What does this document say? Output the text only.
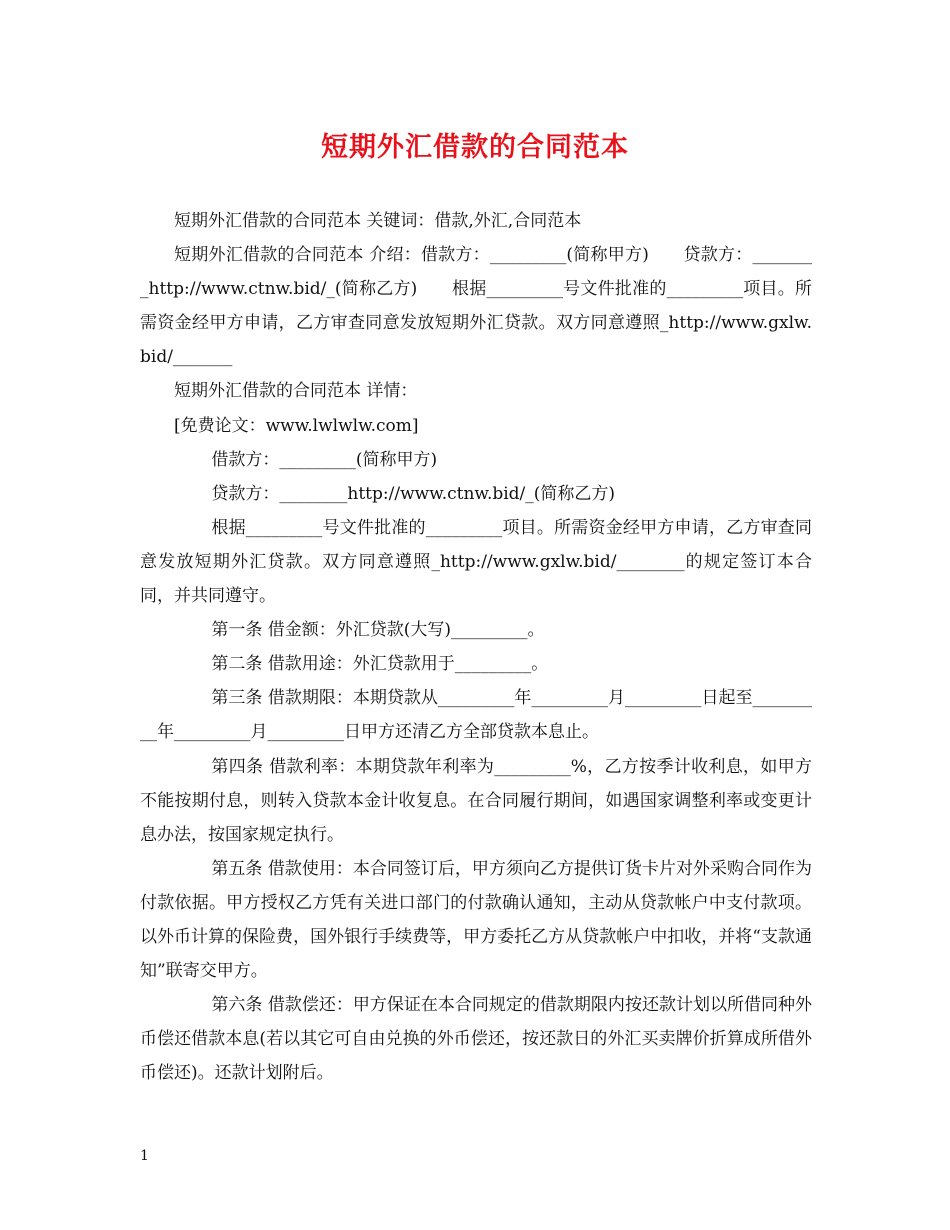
短期外汇借款的合同范本

短期外汇借款的合同范本 关键词：借款,外汇,合同范本

短期外汇借款的合同范本 介绍：借款方：_________(简称甲方)　　贷款方：________http://www.ctnw.bid/_(简称乙方)　　根据_________号文件批准的_________项目。所需资金经甲方申请，乙方审查同意发放短期外汇贷款。双方同意遵照_http://www.gxlw.bid/_______

短期外汇借款的合同范本 详情：

[免费论文：www.lwlwlw.com]

借款方：_________(简称甲方)

贷款方：________http://www.ctnw.bid/_(简称乙方)

根据_________号文件批准的_________项目。所需资金经甲方申请，乙方审查同意发放短期外汇贷款。双方同意遵照_http://www.gxlw.bid/________的规定签订本合同，并共同遵守。

第一条 借金额：外汇贷款(大写)_________。

第二条 借款用途：外汇贷款用于_________。

第三条 借款期限：本期贷款从_________年_________月_________日起至_________年_________月_________日甲方还清乙方全部贷款本息止。

第四条 借款利率：本期贷款年利率为_________%，乙方按季计收利息，如甲方不能按期付息，则转入贷款本金计收复息。在合同履行期间，如遇国家调整利率或变更计息办法，按国家规定执行。

第五条 借款使用：本合同签订后，甲方须向乙方提供订货卡片对外采购合同作为付款依据。甲方授权乙方凭有关进口部门的付款确认通知，主动从贷款帐户中支付款项。以外币计算的保险费，国外银行手续费等，甲方委托乙方从贷款帐户中扣收，并将“支款通知”联寄交甲方。

第六条 借款偿还：甲方保证在本合同规定的借款期限内按还款计划以所借同种外币偿还借款本息(若以其它可自由兑换的外币偿还，按还款日的外汇买卖牌价折算成所借外币偿还)。还款计划附后。

1
